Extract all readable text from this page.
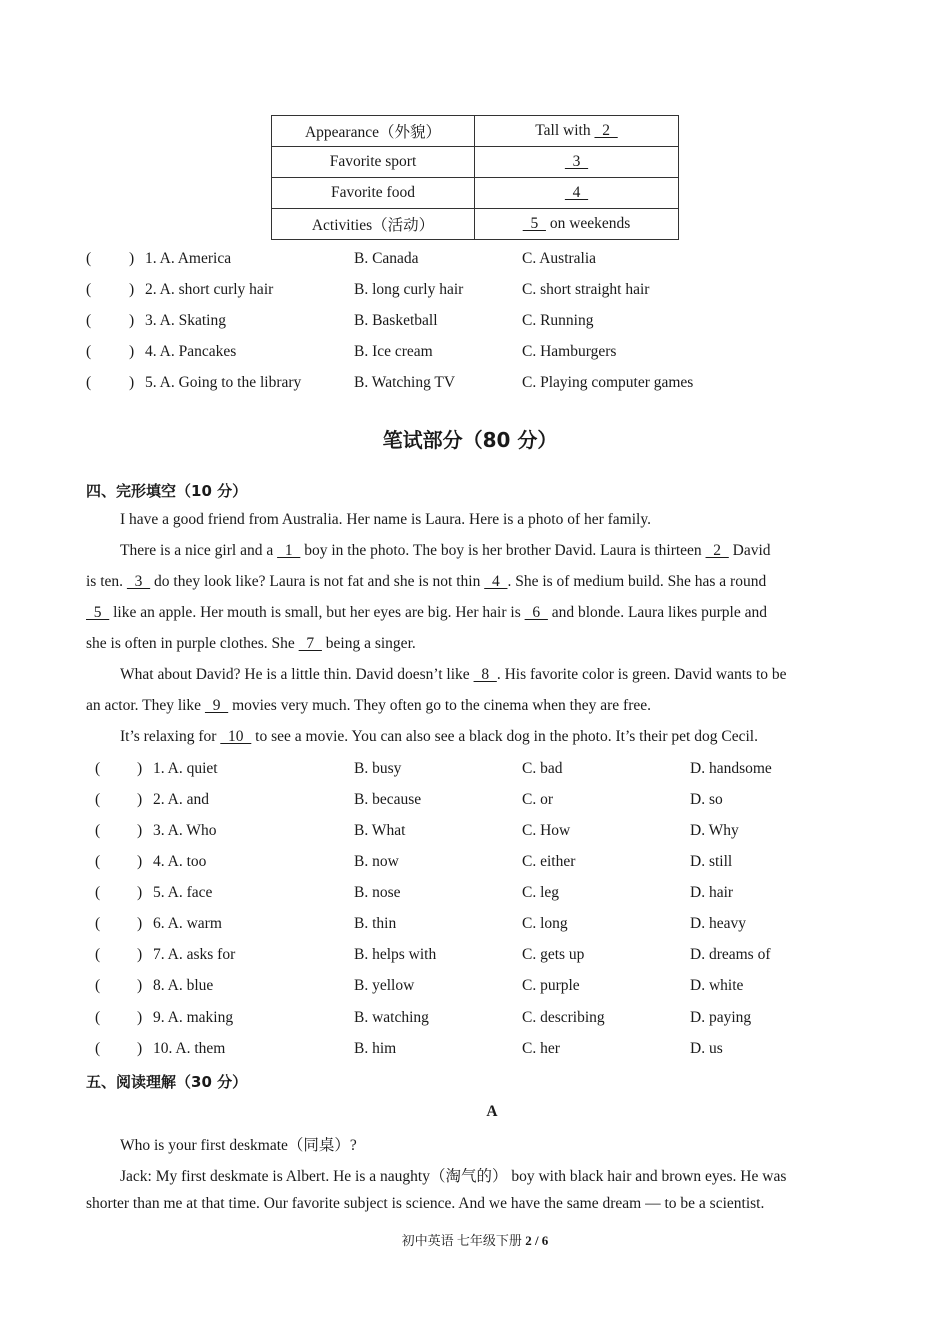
Appearance（外貌）	Tall with   2
Favorite sport	3
Favorite food	4
Activities（活动）	5   on weekends
( ) 1. A. America	B. Canada	C. Australia
( ) 2. A. short curly hair	B. long curly hair	C. short straight hair
( ) 3. A. Skating	B. Basketball	C. Running
( ) 4. A. Pancakes	B. Ice cream	C. Hamburgers
( ) 5. A. Going to the library	B. Watching TV	C. Playing computer games
笔试部分（80 分）
四、完形填空（10 分）
I have a good friend from Australia. Her name is Laura. Here is a photo of her family.
There is a nice girl and a   1   boy in the photo. The boy is her brother David. Laura is thirteen   2   David
is ten.   3   do they look like? Laura is not fat and she is not thin   4  . She is of medium build. She has a round
5   like an apple. Her mouth is small, but her eyes are big. Her hair is   6   and blonde. Laura likes purple and
she is often in purple clothes. She   7   being a singer.
What about David? He is a little thin. David doesn’t like   8  . His favorite color is green. David wants to be
an actor. They like   9   movies very much. They often go to the cinema when they are free.
It’s relaxing for   10   to see a movie. You can also see a black dog in the photo. It’s their pet dog Cecil.
( ) 1. A. quiet	B. busy	C. bad	D. handsome
( ) 2. A. and	B. because	C. or	D. so
( ) 3. A. Who	B. What	C. How	D. Why
( ) 4. A. too	B. now	C. either	D. still
( ) 5. A. face	B. nose	C. leg	D. hair
( ) 6. A. warm	B. thin	C. long	D. heavy
( ) 7. A. asks for	B. helps with	C. gets up	D. dreams of
( ) 8. A. blue	B. yellow	C. purple	D. white
( ) 9. A. making	B. watching	C. describing	D. paying
( ) 10. A. them	B. him	C. her	D. us
五、阅读理解（30 分）
A
Who is your first deskmate（同桌）?
Jack: My first deskmate is Albert. He is a naughty（淘气的） boy with black hair and brown eyes. He was
shorter than me at that time. Our favorite subject is science. And we have the same dream — to be a scientist.
初中英语 七年级下册 2 / 6
